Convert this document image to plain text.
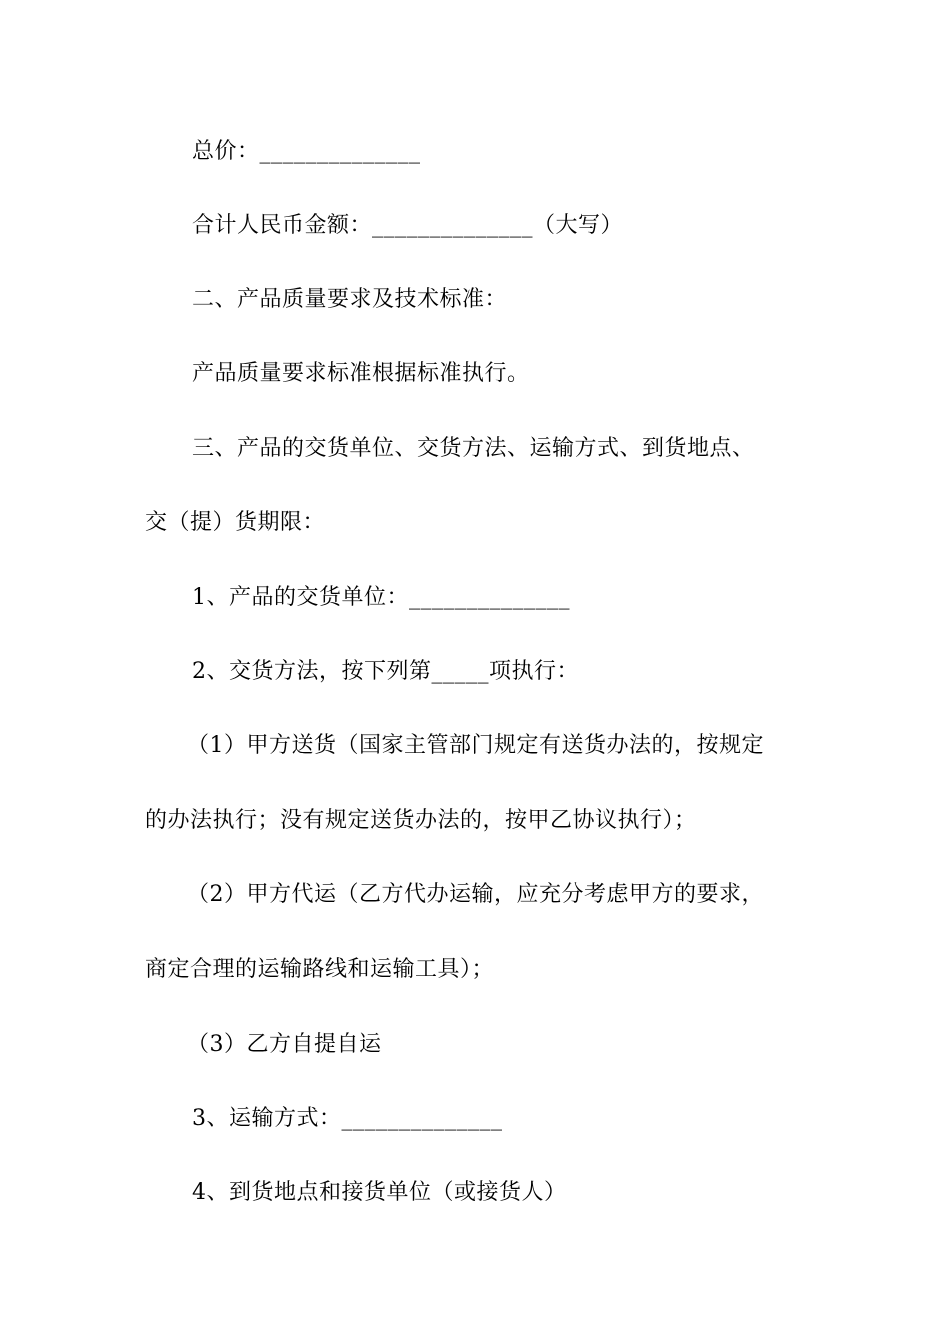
总价：______________
合计人民币金额：______________（大写）
二、产品质量要求及技术标准：
产品质量要求标准根据标准执行。
三、产品的交货单位、交货方法、运输方式、到货地点、
交（提）货期限：
1、产品的交货单位：______________
2、交货方法，按下列第_____项执行：
（1）甲方送货（国家主管部门规定有送货办法的，按规定
的办法执行；没有规定送货办法的，按甲乙协议执行）；
（2）甲方代运（乙方代办运输，应充分考虑甲方的要求，
商定合理的运输路线和运输工具）；
（3）乙方自提自运
3、运输方式：______________
4、到货地点和接货单位（或接货人）
